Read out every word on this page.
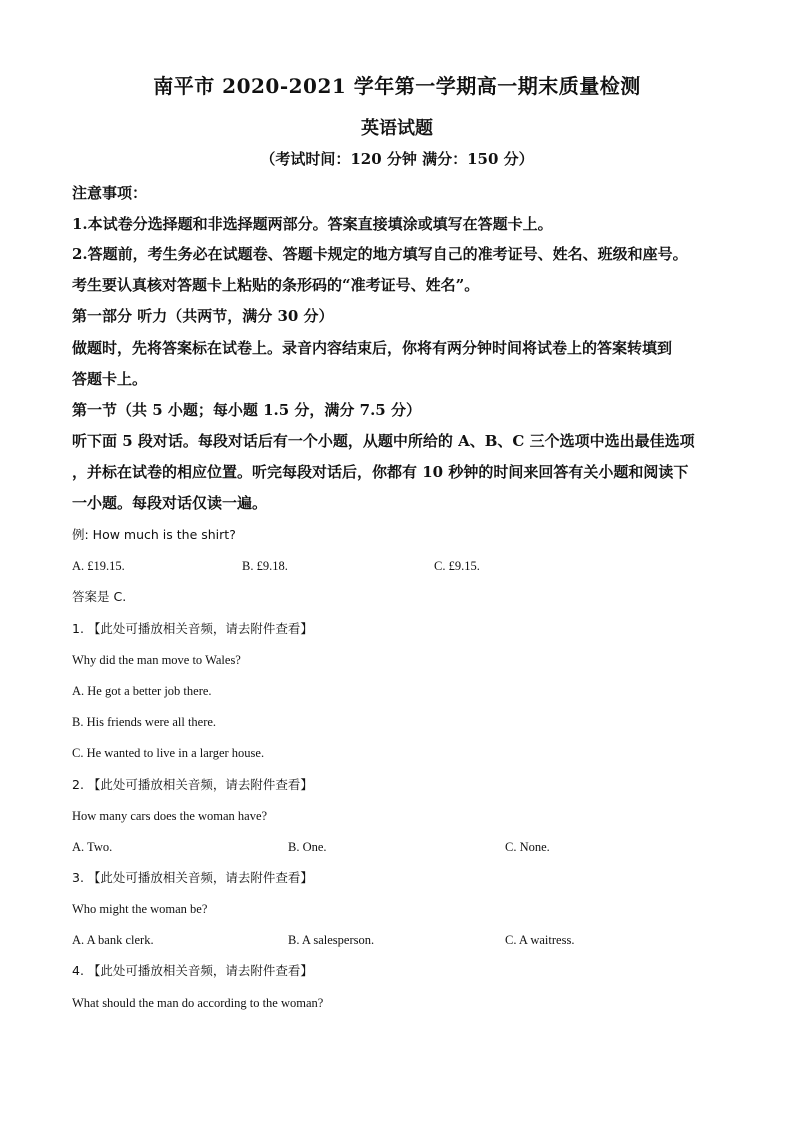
南平市 2020-2021 学年第一学期高一期末质量检测
英语试题
（考试时间：120 分钟 满分：150 分）
注意事项：
1.本试卷分选择题和非选择题两部分。答案直接填涂或填写在答题卡上。
2.答题前，考生务必在试题卷、答题卡规定的地方填写自己的准考证号、姓名、班级和座号。
考生要认真核对答题卡上粘贴的条形码的“准考证号、姓名”。
第一部分 听力（共两节，满分 30 分）
做题时，先将答案标在试卷上。录音内容结束后，你将有两分钟时间将试卷上的答案转填到
答题卡上。
第一节（共 5 小题；每小题 1.5 分，满分 7.5 分）
听下面 5 段对话。每段对话后有一个小题，从题中所给的 A、B、C 三个选项中选出最佳选项
，并标在试卷的相应位置。听完每段对话后，你都有 10 秒钟的时间来回答有关小题和阅读下
一小题。每段对话仅读一遍。
例: How much is the shirt?
A. £19.15.	B. £9.18.	C. £9.15.
答案是 C.
1. 【此处可播放相关音频，请去附件查看】
Why did the man move to Wales?
A. He got a better job there.
B. His friends were all there.
C. He wanted to live in a larger house.
2. 【此处可播放相关音频，请去附件查看】
How many cars does the woman have?
A. Two.	B. One.	C. None.
3. 【此处可播放相关音频，请去附件查看】
Who might the woman be?
A. A bank clerk.	B. A salesperson.	C. A waitress.
4. 【此处可播放相关音频，请去附件查看】
What should the man do according to the woman?
